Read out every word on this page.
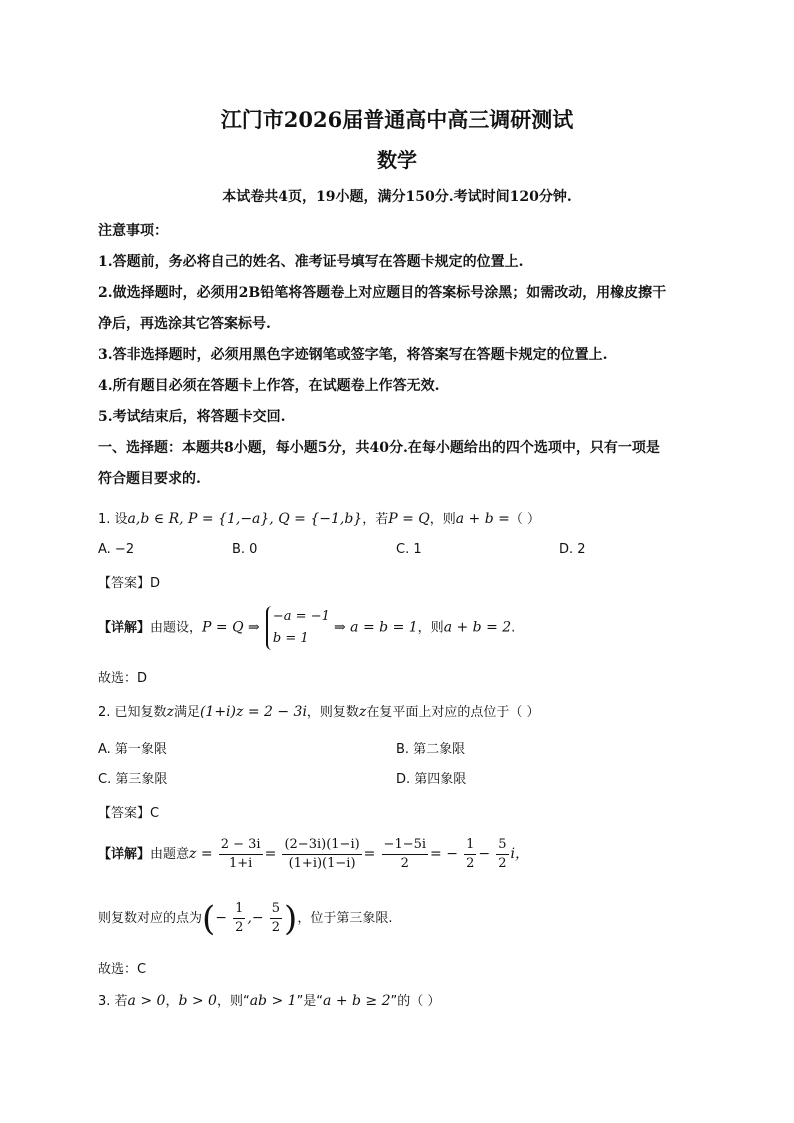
江门市2026届普通高中高三调研测试
数学
本试卷共4页，19小题，满分150分.考试时间120分钟.
注意事项：
1.答题前，务必将自己的姓名、准考证号填写在答题卡规定的位置上.
2.做选择题时，必须用2B铅笔将答题卷上对应题目的答案标号涂黑；如需改动，用橡皮擦干
净后，再选涂其它答案标号.
3.答非选择题时，必须用黑色字迹钢笔或签字笔，将答案写在答题卡规定的位置上.
4.所有题目必须在答题卡上作答，在试题卷上作答无效.
5.考试结束后，将答题卡交回.
一、选择题：本题共8小题，每小题5分，共40分.在每小题给出的四个选项中，只有一项是
符合题目要求的.
1. 设a,b ∈ R, P = {1,−a}, Q = {−1,b}，若P = Q，则a + b =（ ）
A. −2	B. 0	C. 1	D. 2
【答案】D
【详解】由题设，P = Q ⇒
−a = −1
b = 1
⇒ a = b = 1，则a + b = 2.
故选：D
2. 已知复数z满足(1+i)z = 2 − 3i，则复数z在复平面上对应的点位于（ ）
A. 第一象限	B. 第二象限
C. 第三象限	D. 第四象限
【答案】C
【详解】由题意$z = \frac{2 - 3i}{1+i} = \frac{(2-3i)(1-i)}{(1+i)(1-i)} = \frac{-1-5i}{2}$ = − $\frac{1}{2} - \frac{5}{2}$ i，
则复数对应的点为(− $\frac{1}{2}$ ,− $\frac{5}{2}$ )，位于第三象限.
故选：C
3. 若a > 0，b > 0，则“ab > 1”是“a + b ≥ 2”的（ ）
